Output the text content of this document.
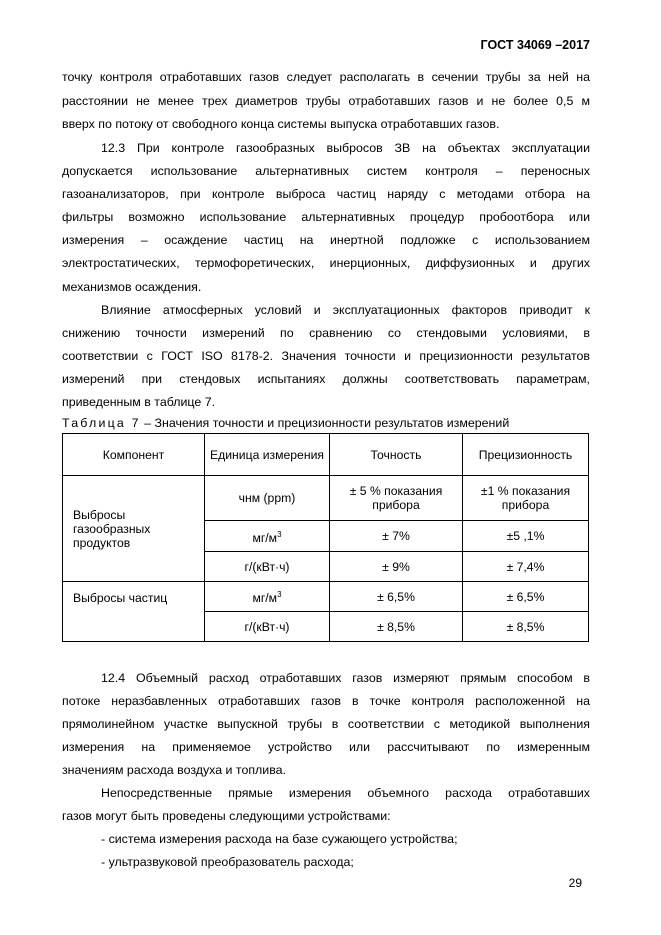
ГОСТ 34069 –2017
точку контроля отработавших газов следует располагать в сечении трубы за ней на
расстоянии не менее трех диаметров трубы отработавших газов и не более 0,5 м
вверх по потоку от свободного конца системы выпуска отработавших газов.
12.3 При контроле газообразных выбросов ЗВ на объектах эксплуатации
допускается использование альтернативных систем контроля – переносных
газоанализаторов, при контроле выброса частиц наряду с методами отбора на
фильтры возможно использование альтернативных процедур пробоотбора или
измерения – осаждение частиц на инертной подложке с использованием
электростатических, термофоретических, инерционных, диффузионных и других
механизмов осаждения.
Влияние атмосферных условий и эксплуатационных факторов приводит к
снижению точности измерений по сравнению со стендовыми условиями, в
соответствии с ГОСТ ISO 8178-2. Значения точности и прецизионности результатов
измерений при стендовых испытаниях должны соответствовать параметрам,
приведенным в таблице 7.
Таблица 7 – Значения точности и прецизионности результатов измерений
Компонент	Единица измерения	Точность	Прецизионность
Выбросы газообразных продуктов	чнм (ppm)	± 5 % показания прибора	±1 % показания прибора
	$мг/м^3$	± 7%	±5 ,1%
	г/(кВт·ч)	± 9%	± 7,4%
Выбросы частиц	$мг/м^3$	± 6,5%	± 6,5%
	г/(кВт·ч)	± 8,5%	± 8,5%
12.4 Объемный расход отработавших газов измеряют прямым способом в
потоке неразбавленных отработавших газов в точке контроля расположенной на
прямолинейном участке выпускной трубы в соответствии с методикой выполнения
измерения на применяемое устройство или рассчитывают по измеренным
значениям расхода воздуха и топлива.
Непосредственные прямые измерения объемного расхода отработавших
газов могут быть проведены следующими устройствами:
- система измерения расхода на базе сужающего устройства;
- ультразвуковой преобразователь расхода;
29
